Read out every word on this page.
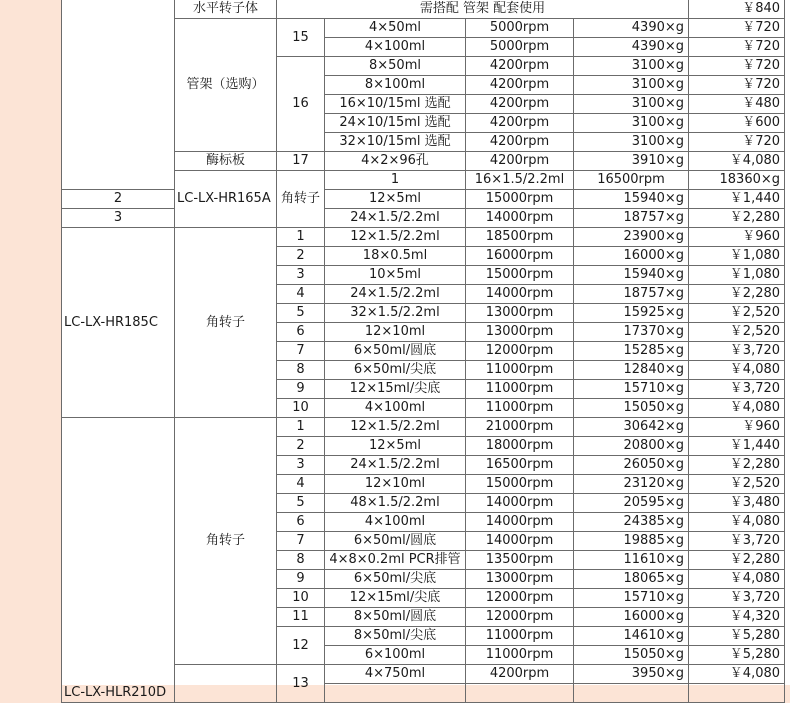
	水平转子体	需搭配 管架 配套使用				￥840	
	管架（选购）	15	4×50ml	5000rpm	4390×g	￥720	
			4×100ml	5000rpm	4390×g	￥720	
		16	8×50ml	4200rpm	3100×g	￥720	
			8×100ml	4200rpm	3100×g	￥720	
			16×10/15ml 选配	4200rpm	3100×g	￥480	
			24×10/15ml 选配	4200rpm	3100×g	￥600	
			32×10/15ml 选配	4200rpm	3100×g	￥720	
	酶标板	17	4×2×96孔	4200rpm	3910×g	￥4,080	
	LC-LX-HR165A	角转子	1	16×1.5/2.2ml	16500rpm	18360×g	
2			12×5ml	15000rpm	15940×g	￥1,440	
3			24×1.5/2.2ml	14000rpm	18757×g	￥2,280	
LC-LX-HR185C	角转子	1	12×1.5/2.2ml	18500rpm	23900×g	￥960	
		2	18×0.5ml	16000rpm	16000×g	￥1,080	
		3	10×5ml	15000rpm	15940×g	￥1,080	
		4	24×1.5/2.2ml	14000rpm	18757×g	￥2,280	
		5	32×1.5/2.2ml	13000rpm	15925×g	￥2,520	
		6	12×10ml	13000rpm	17370×g	￥2,520	
		7	6×50ml/圆底	12000rpm	15285×g	￥3,720	
		8	6×50ml/尖底	11000rpm	12840×g	￥4,080	
		9	12×15ml/尖底	11000rpm	15710×g	￥3,720	
		10	4×100ml	11000rpm	15050×g	￥4,080	
LC-LX-HLR210D	角转子	1	12×1.5/2.2ml	21000rpm	30642×g	￥960	
		2	12×5ml	18000rpm	20800×g	￥1,440	
		3	24×1.5/2.2ml	16500rpm	26050×g	￥2,280	
		4	12×10ml	15000rpm	23120×g	￥2,520	
		5	48×1.5/2.2ml	14000rpm	20595×g	￥3,480	
		6	4×100ml	14000rpm	24385×g	￥4,080	
		7	6×50ml/圆底	14000rpm	19885×g	￥3,720	
		8	4×8×0.2ml PCR排管	13500rpm	11610×g	￥2,280	
		9	6×50ml/尖底	13000rpm	18065×g	￥4,080	
		10	12×15ml/尖底	12000rpm	15710×g	￥3,720	
		11	8×50ml/圆底	12000rpm	16000×g	￥4,320	
		12	8×50ml/尖底	11000rpm	14610×g	￥5,280	
			6×100ml	11000rpm	15050×g	￥5,280	
		13	4×750ml	4200rpm	3950×g	￥4,080	
